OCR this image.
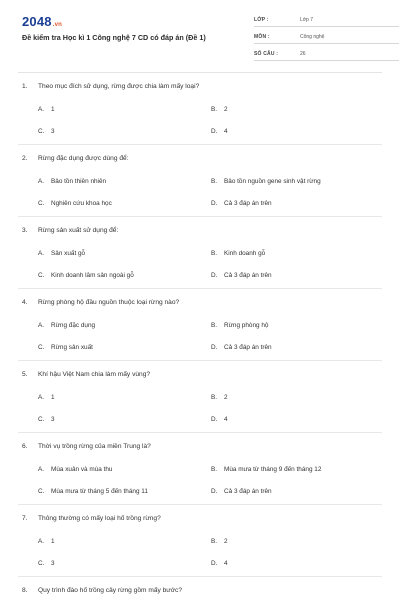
2048.vn
Đề kiểm tra Học kì 1 Công nghệ 7 CD có đáp án (Đề 1)
LỚP :	Lớp 7
MÔN :	Công nghệ
SỐ CÂU :	26
1. Theo mục đích sử dụng, rừng được chia làm mấy loại?
A. 1	B. 2
C. 3	D. 4
2. Rừng đặc dụng được dùng để:
A. Bảo tồn thiên nhiên	B. Bảo tồn nguồn gene sinh vật rừng
C. Nghiên cứu khoa học	D. Cả 3 đáp án trên
3. Rừng sản xuất sử dụng để:
A. Sản xuất gỗ	B. Kinh doanh gỗ
C. Kinh doanh lâm sản ngoài gỗ	D. Cả 3 đáp án trên
4. Rừng phòng hộ đầu nguồn thuộc loại rừng nào?
A. Rừng đặc dụng	B. Rừng phòng hộ
C. Rừng sản xuất	D. Cả 3 đáp án trên
5. Khí hậu Việt Nam chia làm mấy vùng?
A. 1	B. 2
C. 3	D. 4
6. Thời vụ trồng rừng của miền Trung là?
A. Mùa xuân và mùa thu	B. Mùa mưa từ tháng 9 đến tháng 12
C. Mùa mưa từ tháng 5 đến tháng 11	D. Cả 3 đáp án trên
7. Thông thường có mấy loại hố trồng rừng?
A. 1	B. 2
C. 3	D. 4
8. Quy trình đào hố trồng cây rừng gồm mấy bước?
